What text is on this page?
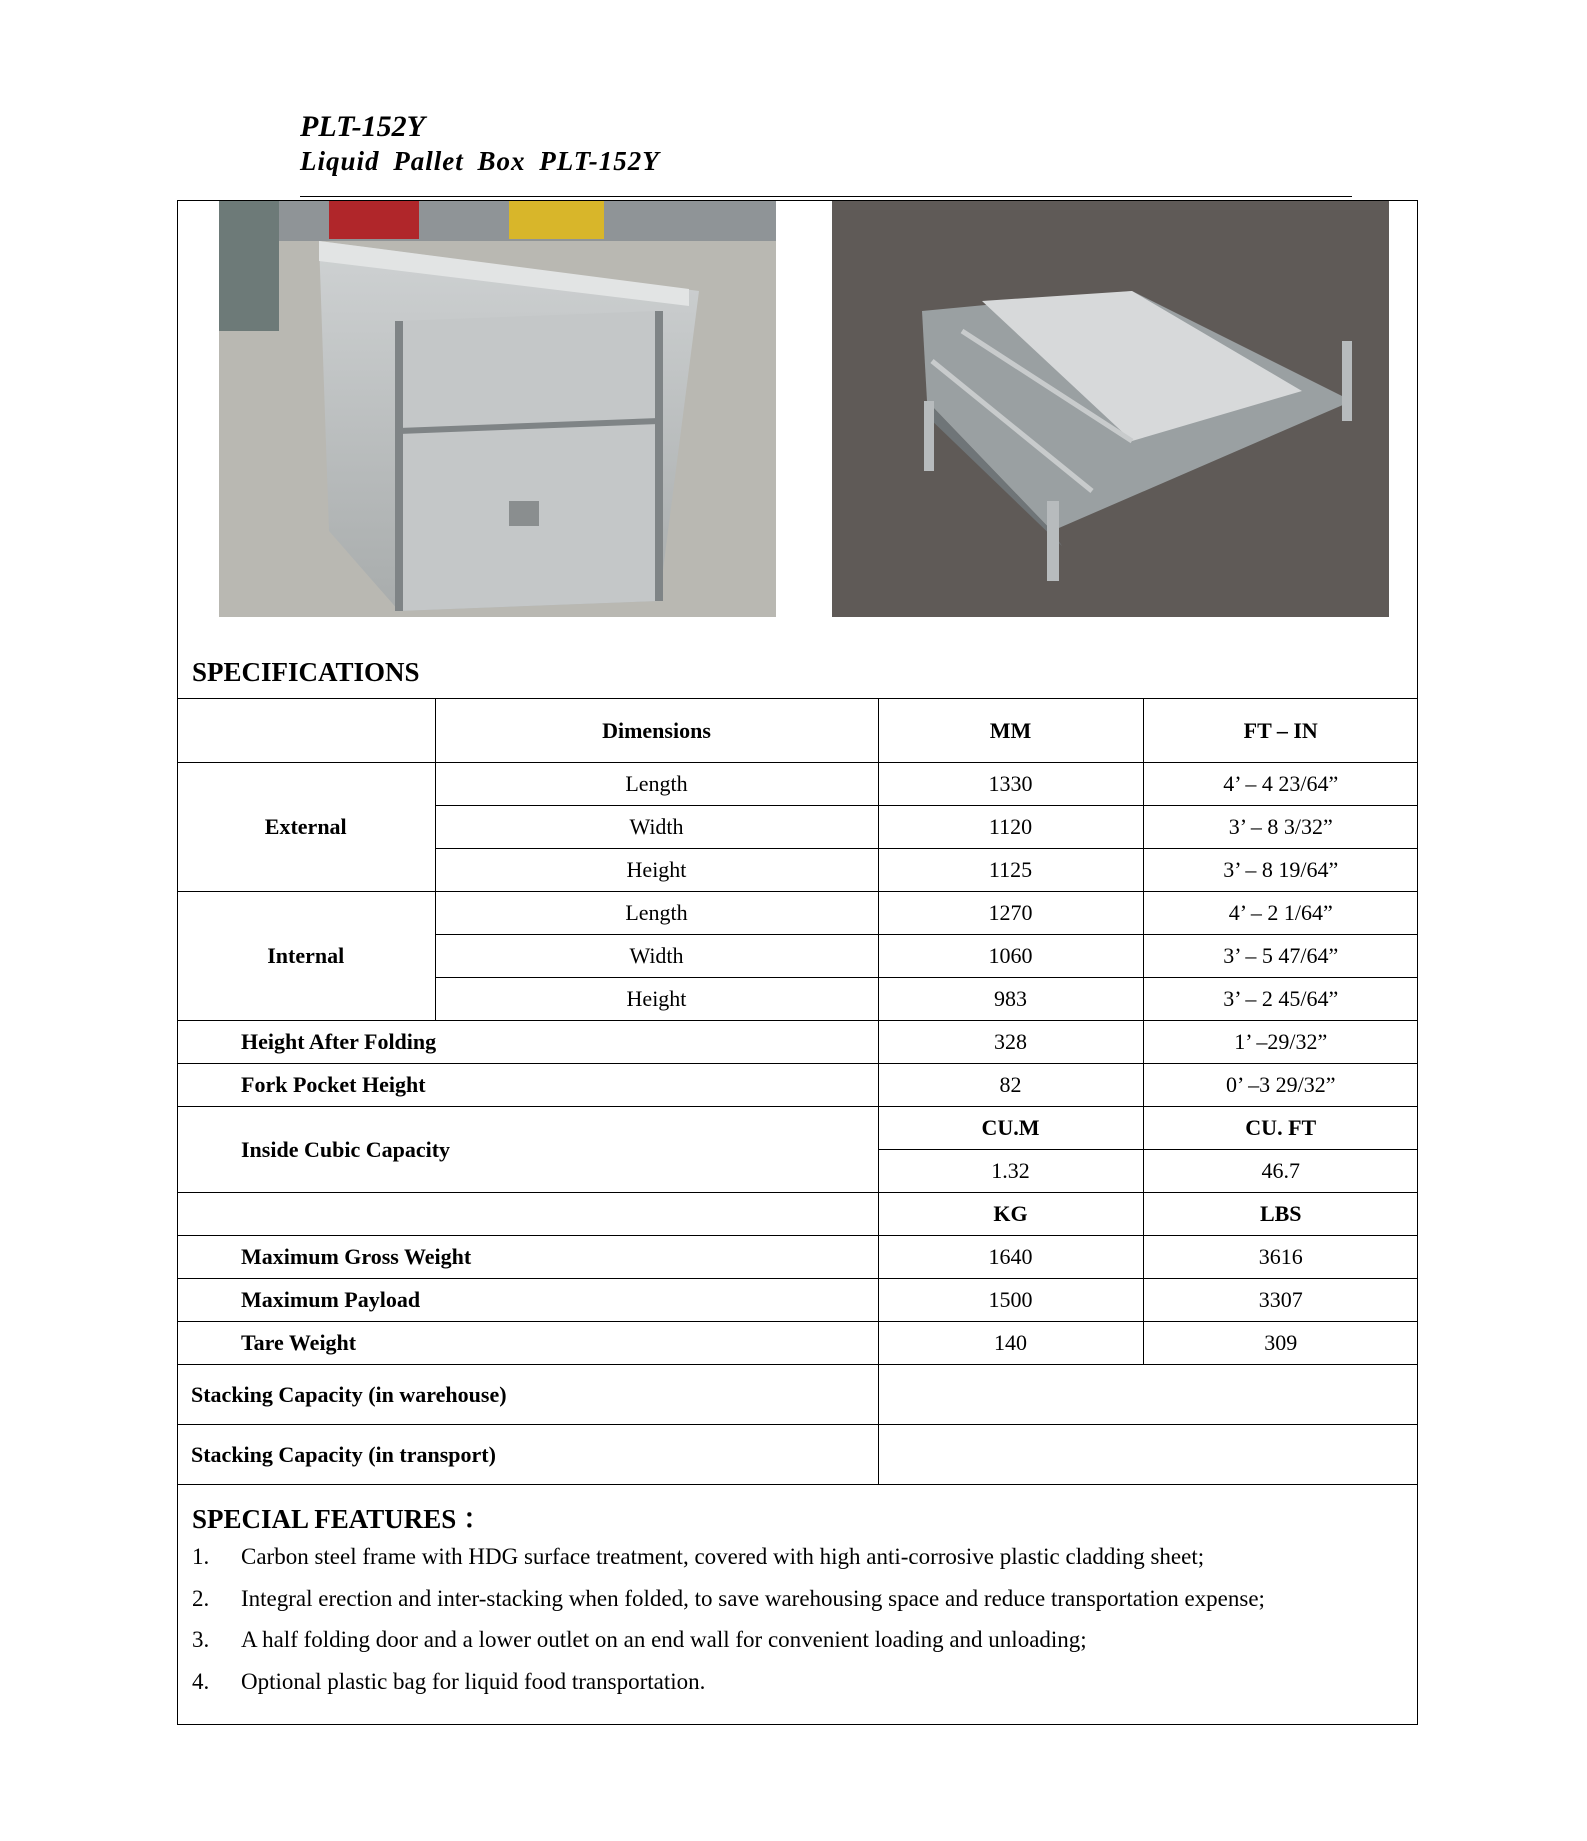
PLT-152Y
Liquid Pallet Box PLT-152Y
SPECIFICATIONS
	Dimensions	MM	FT – IN
External	Length	1330	4’ – 4 23/64”
	Width	1120	3’ – 8 3/32”
	Height	1125	3’ – 8 19/64”
Internal	Length	1270	4’ – 2 1/64”
	Width	1060	3’ – 5 47/64”
	Height	983	3’ – 2 45/64”
Height After Folding		328	1’ –29/32”
Fork Pocket Height		82	0’ –3 29/32”
Inside Cubic Capacity		CU.M	CU. FT
		1.32	46.7
		KG	LBS
Maximum Gross Weight		1640	3616
Maximum Payload		1500	3307
Tare Weight		140	309
Stacking Capacity (in warehouse)			
Stacking Capacity (in transport)			
SPECIAL FEATURES ：
1.	Carbon steel frame with HDG surface treatment, covered with high anti-corrosive plastic cladding sheet;
2.	Integral erection and inter-stacking when folded, to save warehousing space and reduce transportation expense;
3.	A half folding door and a lower outlet on an end wall for convenient loading and unloading;
4.	Optional plastic bag for liquid food transportation.
